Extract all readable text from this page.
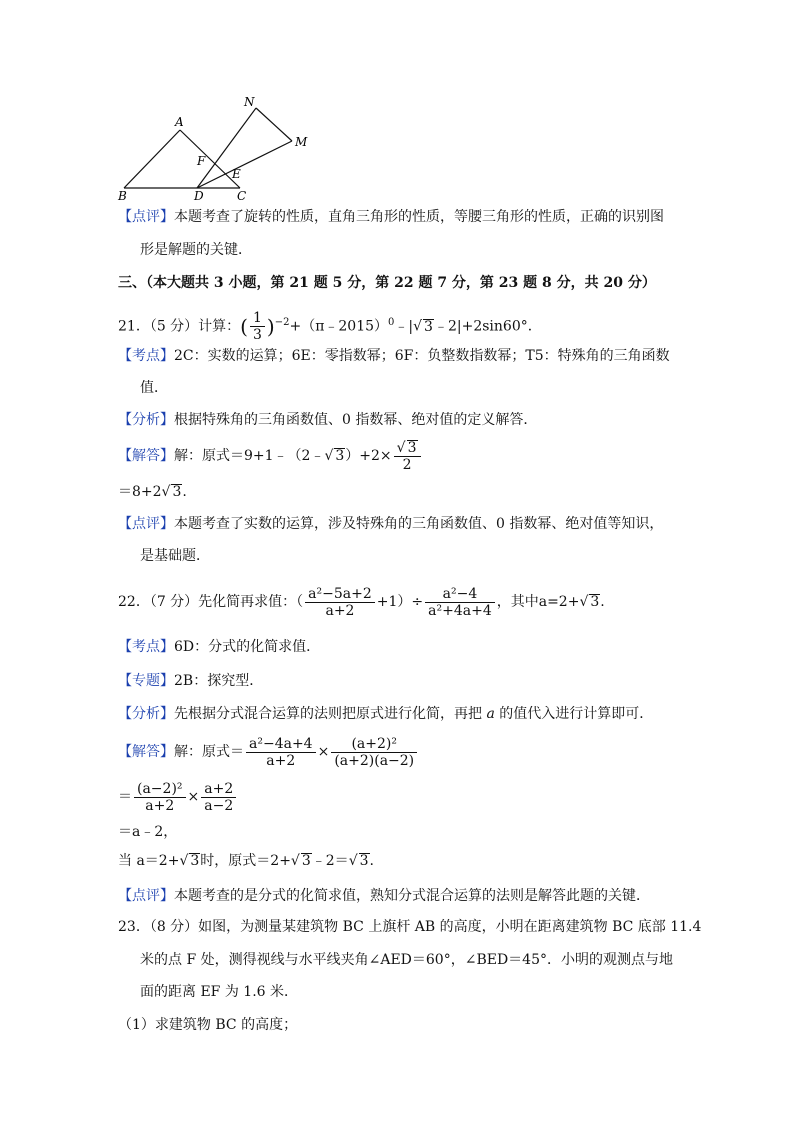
A
B	C
D
E
F
M
N
【点评】本题考查了旋转的性质，直角三角形的性质，等腰三角形的性质，正确的识别图
形是解题的关键．
三、（本大题共 3 小题，第 21 题 5 分，第 22 题 7 分，第 23 题 8 分，共 20 分）
21．（5 分）计算：( $\frac{1}{3}$ )$^{-2}$+（π﹣2015）$^0$﹣|√ 3﹣2|+2sin60°．
【考点】2C：实数的运算；6E：零指数幂；6F：负整数指数幂；T5：特殊角的三角函数
值．
【分析】根据特殊角的三角函数值、0 指数幂、绝对值的定义解答．
【解答】解：原式＝9+1﹣（2﹣√ $3)+2\times \frac{√ 3}{2}$
＝8+2√ 3.
【点评】本题考查了实数的运算，涉及特殊角的三角函数值、0 指数幂、绝对值等知识，
是基础题．
22．（7 分）先化简再求值：（ $\frac{\text{a²−5a+2}}{a+2} +1)\div \frac{\text{a²−4}}{\text{a²+4a+4}}$ ，其中a=2+√ 3.
【考点】6D：分式的化简求值．
【专题】2B：探究型．
【分析】先根据分式混合运算的法则把原式进行化简，再把 a 的值代入进行计算即可．
【解答】解：原式＝ $\frac{\text{a²−4a+4}}{a+2} \times \frac{\text{(a+2)²}}{(a+2)(a-2)}$
＝ $\frac{\text{(a−2)²}}{a+2} \times \frac{a+2}{a-2}$
＝a﹣2，
当 a＝2+√ 3时，原式＝2+√ 3﹣2＝√ 3.
【点评】本题考查的是分式的化简求值，熟知分式混合运算的法则是解答此题的关键．
23．（8 分）如图，为测量某建筑物 BC 上旗杆 AB 的高度，小明在距离建筑物 BC 底部 11.4
米的点 F 处，测得视线与水平线夹角∠AED＝60°，∠BED＝45°．小明的观测点与地
面的距离 EF 为 1.6 米．
（1）求建筑物 BC 的高度；
